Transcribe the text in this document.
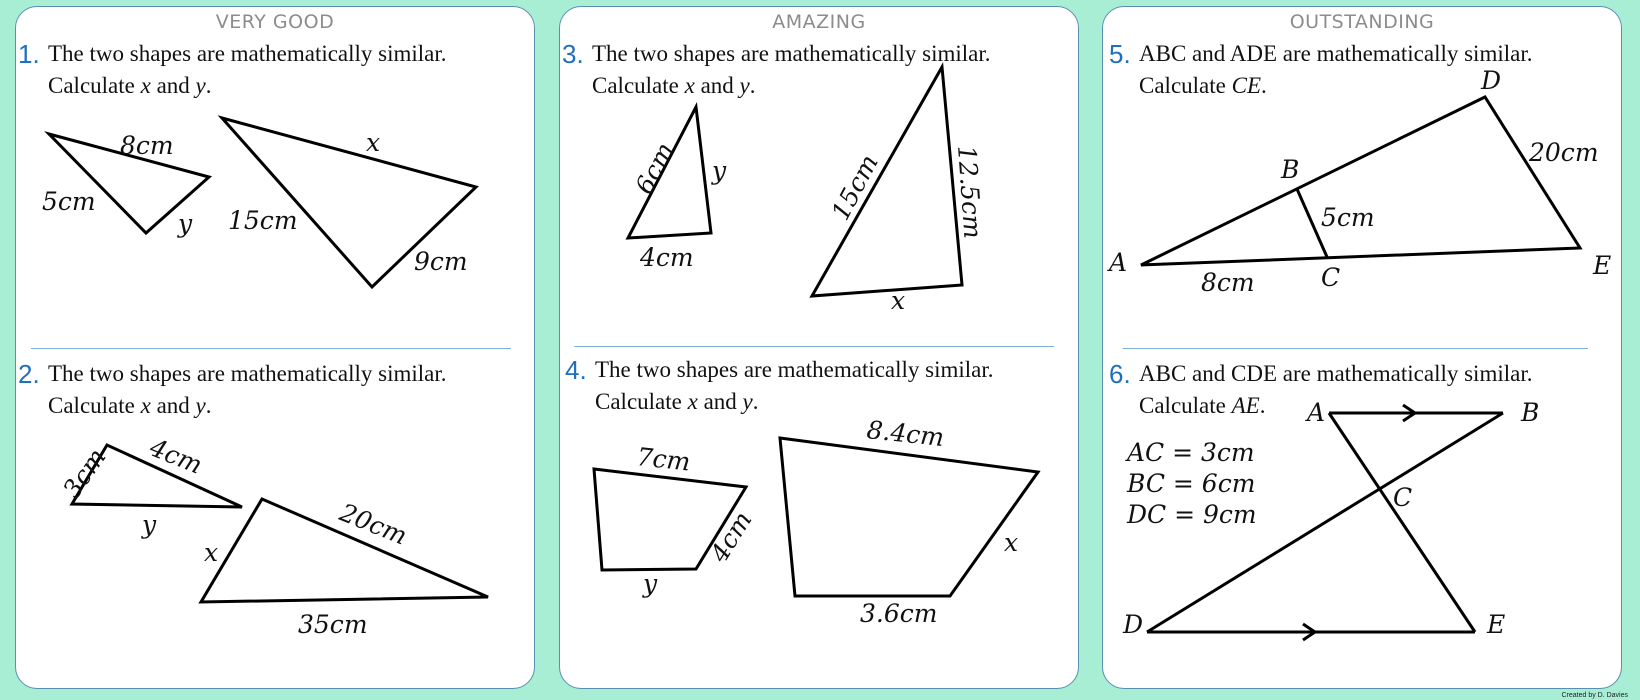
VERY GOOD
1. The two shapes are mathematically similar.
Calculate x and y.
8cm
5cm
y
x
15cm
9cm
2. The two shapes are mathematically similar.
Calculate x and y.
3cm 4cm
y	20cm
x
35cm
AMAZING
3. The two shapes are mathematically similar.
Calculate x and y.
6cm y
4cm
15cm	12.5cm
x
4. The two shapes are mathematically similar.
Calculate x and y.
7cm
4cm
y
8.4cm
x
3.6cm
OUTSTANDING
5. ABC and ADE are mathematically similar.
Calculate CE.
A
B
C
D
E
5cm
20cm
8cm
6. ABC and CDE are mathematically similar.
Calculate AE.	A	B
C
D	E
AC = 3cm
BC = 6cm
DC = 9cm
Created by D. Davies
